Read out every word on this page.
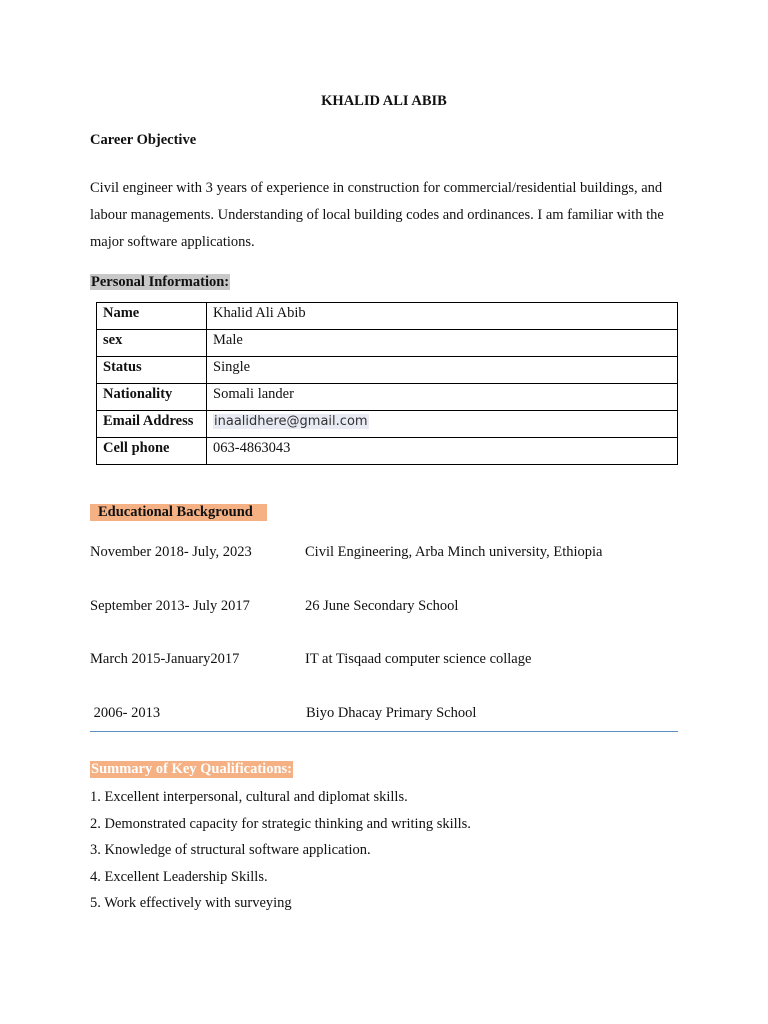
KHALID ALI ABIB
Career Objective
Civil engineer with 3 years of experience in construction for commercial/residential buildings, and labour managements. Understanding of local building codes and ordinances. I am familiar with the major software applications.
Personal Information:
Name	Khalid Ali Abib
sex	Male
Status	Single
Nationality	Somali lander
Email Address	inaalidhere@gmail.com
Cell phone	063-4863043
Educational Background
November 2018- July, 2023	Civil Engineering, Arba Minch university, Ethiopia
September 2013- July 2017	26 June Secondary School
March 2015-January2017	IT at Tisqaad computer science collage
2006- 2013	Biyo Dhacay Primary School
Summary of Key Qualifications:
1. Excellent interpersonal, cultural and diplomat skills.
2. Demonstrated capacity for strategic thinking and writing skills.
3. Knowledge of structural software application.
4. Excellent Leadership Skills.
5. Work effectively with surveying
